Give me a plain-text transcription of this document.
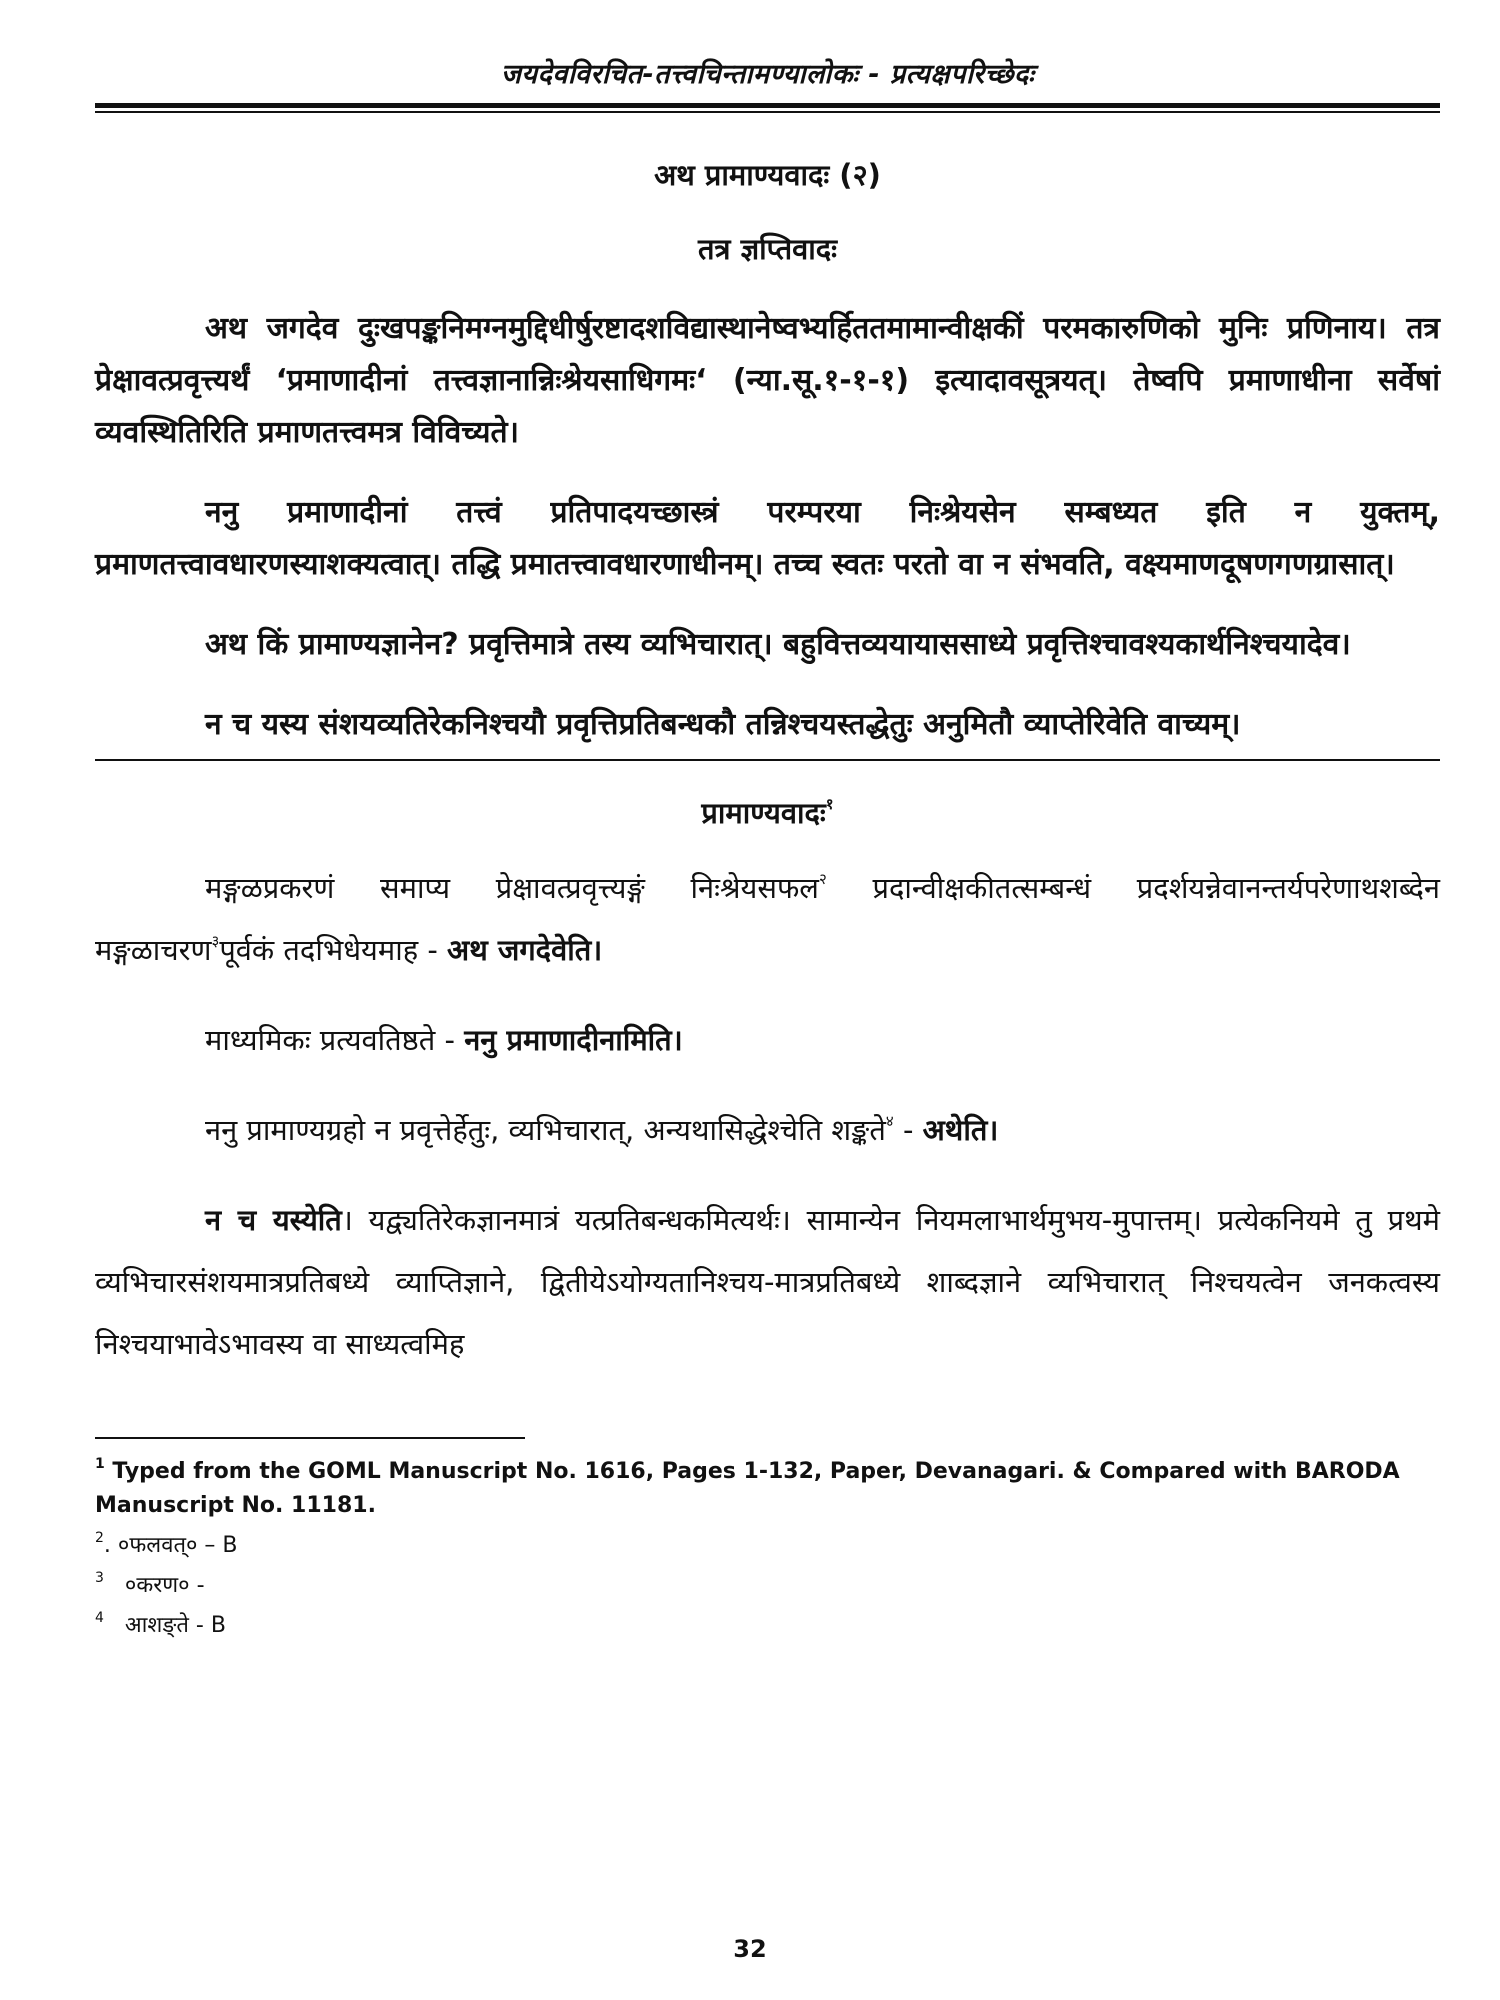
जयदेवविरचित-तत्त्वचिन्तामण्यालोकः - प्रत्यक्षपरिच्छेदः
अथ प्रामाण्यवादः (२)
तत्र ज्ञप्तिवादः

अथ जगदेव दुःखपङ्कनिमग्नमुद्दिधीर्षुरष्टादशविद्यास्थानेष्वभ्यर्हिततमामान्वीक्षकीं परमकारुणिको मुनिः प्रणिनाय। तत्र प्रेक्षावत्प्रवृत्त्यर्थं ‘प्रमाणादीनां तत्त्वज्ञानान्निःश्रेयसाधिगमः‘ (न्या.सू.१-१-१) इत्यादावसूत्रयत्। तेष्वपि प्रमाणाधीना सर्वेषां व्यवस्थितिरिति प्रमाणतत्त्वमत्र विविच्यते।

ननु प्रमाणादीनां तत्त्वं प्रतिपादयच्छास्त्रं परम्परया निःश्रेयसेन सम्बध्यत इति न युक्तम्, प्रमाणतत्त्वावधारणस्याशक्यत्वात्। तद्धि प्रमातत्त्वावधारणाधीनम्। तच्च स्वतः परतो वा न संभवति, वक्ष्यमाणदूषणगणग्रासात्।

अथ किं प्रामाण्यज्ञानेन? प्रवृत्तिमात्रे तस्य व्यभिचारात्। बहुवित्तव्ययायाससाध्ये प्रवृत्तिश्चावश्यकार्थनिश्चयादेव।

न च यस्य संशयव्यतिरेकनिश्चयौ प्रवृत्तिप्रतिबन्धकौ तन्निश्चयस्तद्धेतुः अनुमितौ व्याप्तेरिवेति वाच्यम्।

प्रामाण्यवादः$^१$

मङ्गळप्रकरणं समाप्य प्रेक्षावत्प्रवृत्त्यङ्गं निःश्रेयसफल$^२$ प्रदान्वीक्षकीतत्सम्बन्धं प्रदर्शयन्नेवानन्तर्यपरेणाथशब्देन मङ्गळाचरण$^३$पूर्वकं तदभिधेयमाह - अथ जगदेवेति।

माध्यमिकः प्रत्यवतिष्ठते - ननु प्रमाणादीनामिति।

ननु प्रामाण्यग्रहो न प्रवृत्तेर्हेतुः, व्यभिचारात्, अन्यथासिद्धेश्चेति शङ्कते$^४$ - अथेति।

न च यस्येति। यद्व्यतिरेकज्ञानमात्रं यत्प्रतिबन्धकमित्यर्थः। सामान्येन नियमलाभार्थमुभय-मुपात्तम्। प्रत्येकनियमे तु प्रथमे व्यभिचारसंशयमात्रप्रतिबध्ये व्याप्तिज्ञाने, द्वितीयेऽयोग्यतानिश्चय-मात्रप्रतिबध्ये शाब्दज्ञाने व्यभिचारात् निश्चयत्वेन जनकत्वस्य निश्चयाभावेऽभावस्य वा साध्यत्वमिह

$^1$ Typed from the GOML Manuscript No. 1616, Pages 1-132, Paper, Devanagari. & Compared with BARODA Manuscript No. 11181.
$^2$. ०फलवत्० – B
$^3$ ०करण० -
$^4$ आशङ्ते - B
32
